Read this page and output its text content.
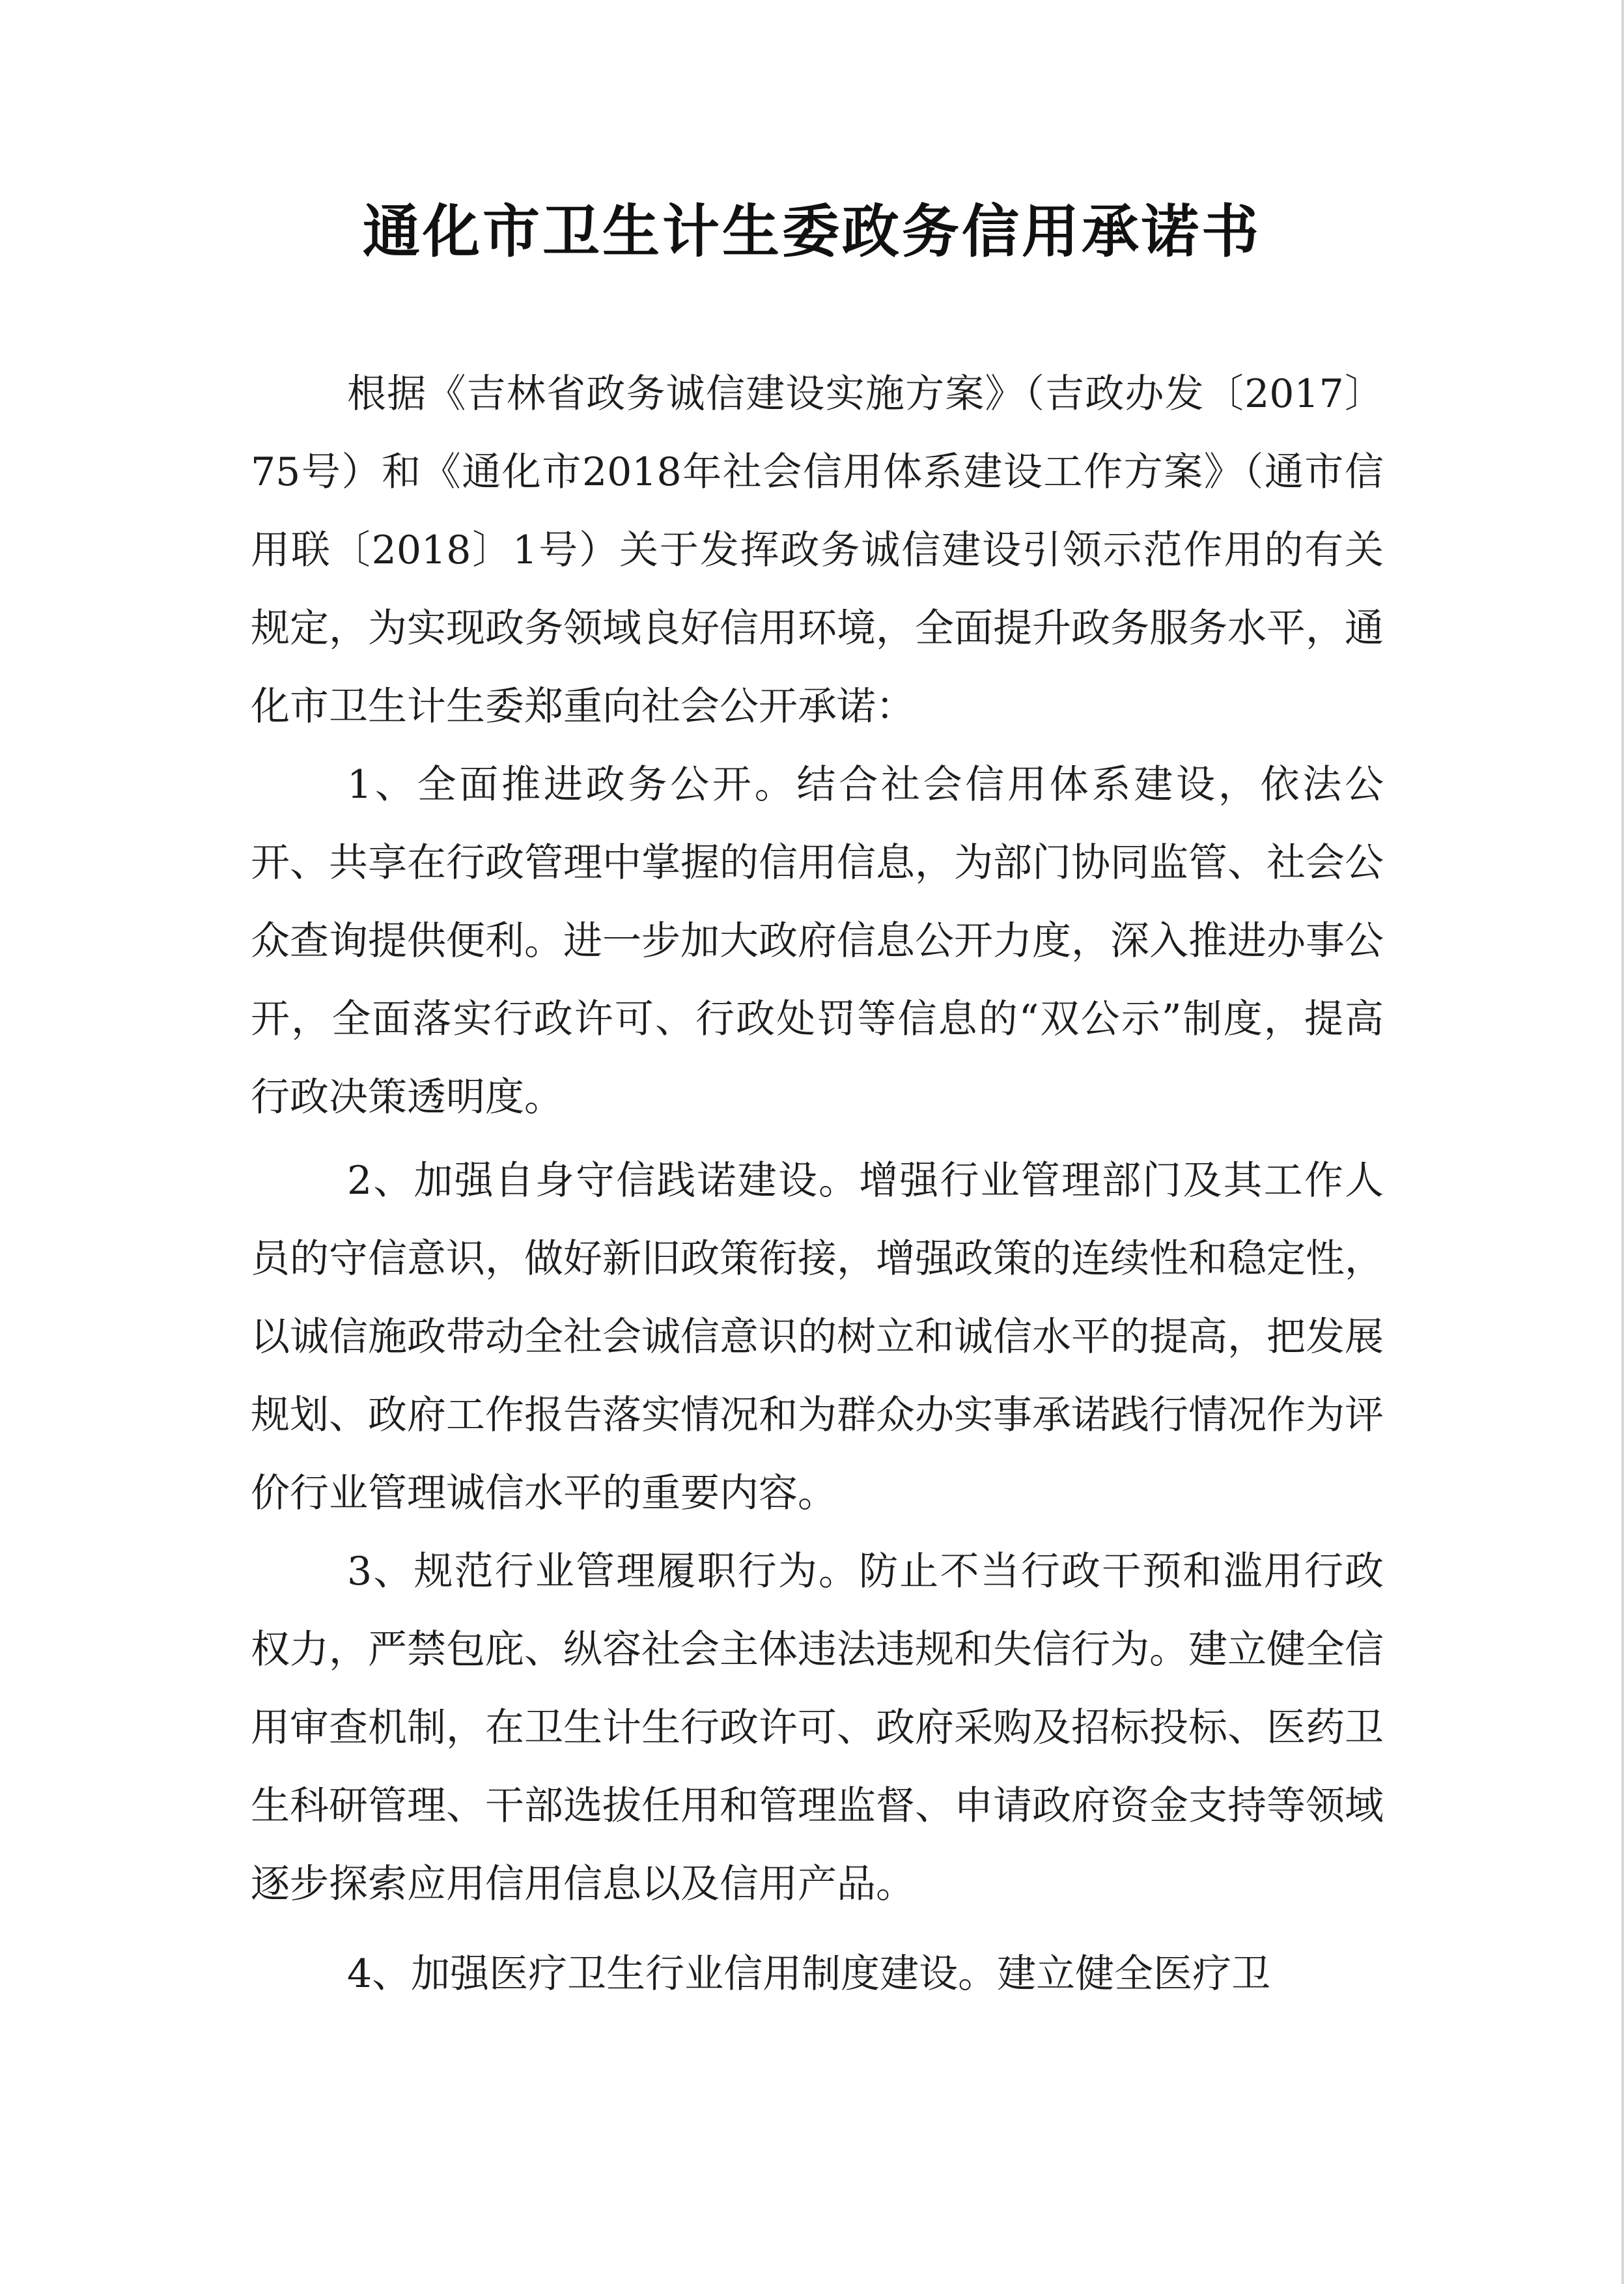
通化市卫生计生委政务信用承诺书

根据《吉林省政务诚信建设实施方案》（吉政办发〔2017〕75号）和《通化市2018年社会信用体系建设工作方案》（通市信用联〔2018〕1号）关于发挥政务诚信建设引领示范作用的有关规定，为实现政务领域良好信用环境，全面提升政务服务水平，通化市卫生计生委郑重向社会公开承诺：

1、全面推进政务公开。结合社会信用体系建设，依法公开、共享在行政管理中掌握的信用信息，为部门协同监管、社会公众查询提供便利。进一步加大政府信息公开力度，深入推进办事公开，全面落实行政许可、行政处罚等信息的“双公示”制度，提高行政决策透明度。

2、加强自身守信践诺建设。增强行业管理部门及其工作人员的守信意识，做好新旧政策衔接，增强政策的连续性和稳定性，以诚信施政带动全社会诚信意识的树立和诚信水平的提高，把发展规划、政府工作报告落实情况和为群众办实事承诺践行情况作为评价行业管理诚信水平的重要内容。

3、规范行业管理履职行为。防止不当行政干预和滥用行政权力，严禁包庇、纵容社会主体违法违规和失信行为。建立健全信用审查机制，在卫生计生行政许可、政府采购及招标投标、医药卫生科研管理、干部选拔任用和管理监督、申请政府资金支持等领域逐步探索应用信用信息以及信用产品。

4、加强医疗卫生行业信用制度建设。建立健全医疗卫
